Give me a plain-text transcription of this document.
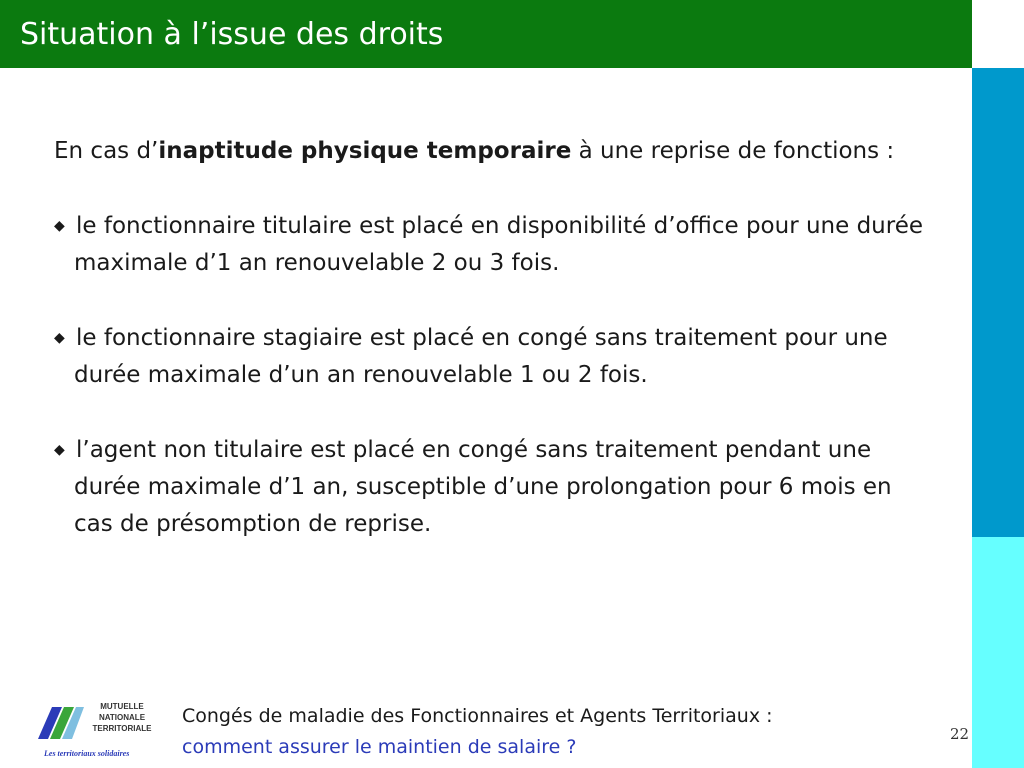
Situation à l’issue des droits

En cas d’inaptitude physique temporaire à une reprise de fonctions :

◆ le fonctionnaire titulaire est placé en disponibilité d’office pour une durée maximale d’1 an renouvelable 2 ou 3 fois.

◆ le fonctionnaire stagiaire est placé en congé sans traitement pour une durée maximale d’un an renouvelable 1 ou 2 fois.

◆ l’agent non titulaire est placé en congé sans traitement pendant une durée maximale d’1 an, susceptible d’une prolongation pour 6 mois en cas de présomption de reprise.

MUTUELLE
NATIONALE
TERRITORIALE
Les territoriaux solidaires
Congés de maladie des Fonctionnaires et Agents Territoriaux :
comment assurer le maintien de salaire ?
22
